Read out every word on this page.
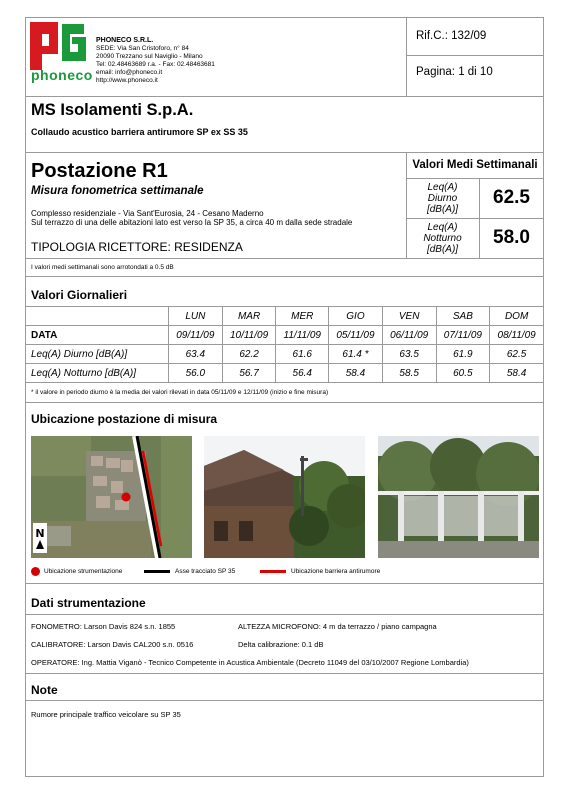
phoneco
PHONECO S.R.L.
SEDE: Via San Cristoforo, n° 84
20090 Trezzano sul Naviglio - Milano
Tel: 02.48463689 r.a. - Fax: 02.48463681
email: info@phoneco.it
http://www.phoneco.it
Rif.C.: 132/09
Pagina: 1 di 10
MS Isolamenti S.p.A.
Collaudo acustico barriera antirumore SP ex SS 35
Postazione R1
Misura fonometrica settimanale
Complesso residenziale - Via Sant'Eurosia, 24 - Cesano Maderno
Sul terrazzo di una delle abitazioni lato est verso la SP 35, a circa 40 m dalla sede stradale
TIPOLOGIA RICETTORE: RESIDENZA
Valori Medi Settimanali
Leq(A)
Diurno
[dB(A)]
62.5
Leq(A)
Notturno
[dB(A)]
58.0
I valori medi settimanali sono arrotondati a 0.5 dB
Valori Giornalieri
	LUN	MAR	MER	GIO	VEN	SAB	DOM
DATA	09/11/09	10/11/09	11/11/09	05/11/09	06/11/09	07/11/09	08/11/09
Leq(A) Diurno [dB(A)]	63.4	62.2	61.6	61.4 *	63.5	61.9	62.5
Leq(A) Notturno [dB(A)]	56.0	56.7	56.4	58.4	58.5	60.5	58.4
* il valore in periodo diurno è la media dei valori rilevati in data 05/11/09 e 12/11/09 (inizio e fine misura)
Ubicazione postazione di misura
N
Ubicazione strumentazione	Asse tracciato SP 35	Ubicazione barriera antirumore
Dati strumentazione
FONOMETRO: Larson Davis 824 s.n. 1855	ALTEZZA MICROFONO: 4 m da terrazzo / piano campagna
CALIBRATORE: Larson Davis CAL200 s.n. 0516	Delta calibrazione: 0.1 dB
OPERATORE: Ing. Mattia Viganò - Tecnico Competente in Acustica Ambientale (Decreto 11049 del 03/10/2007 Regione Lombardia)
Note
Rumore principale traffico veicolare su SP 35
